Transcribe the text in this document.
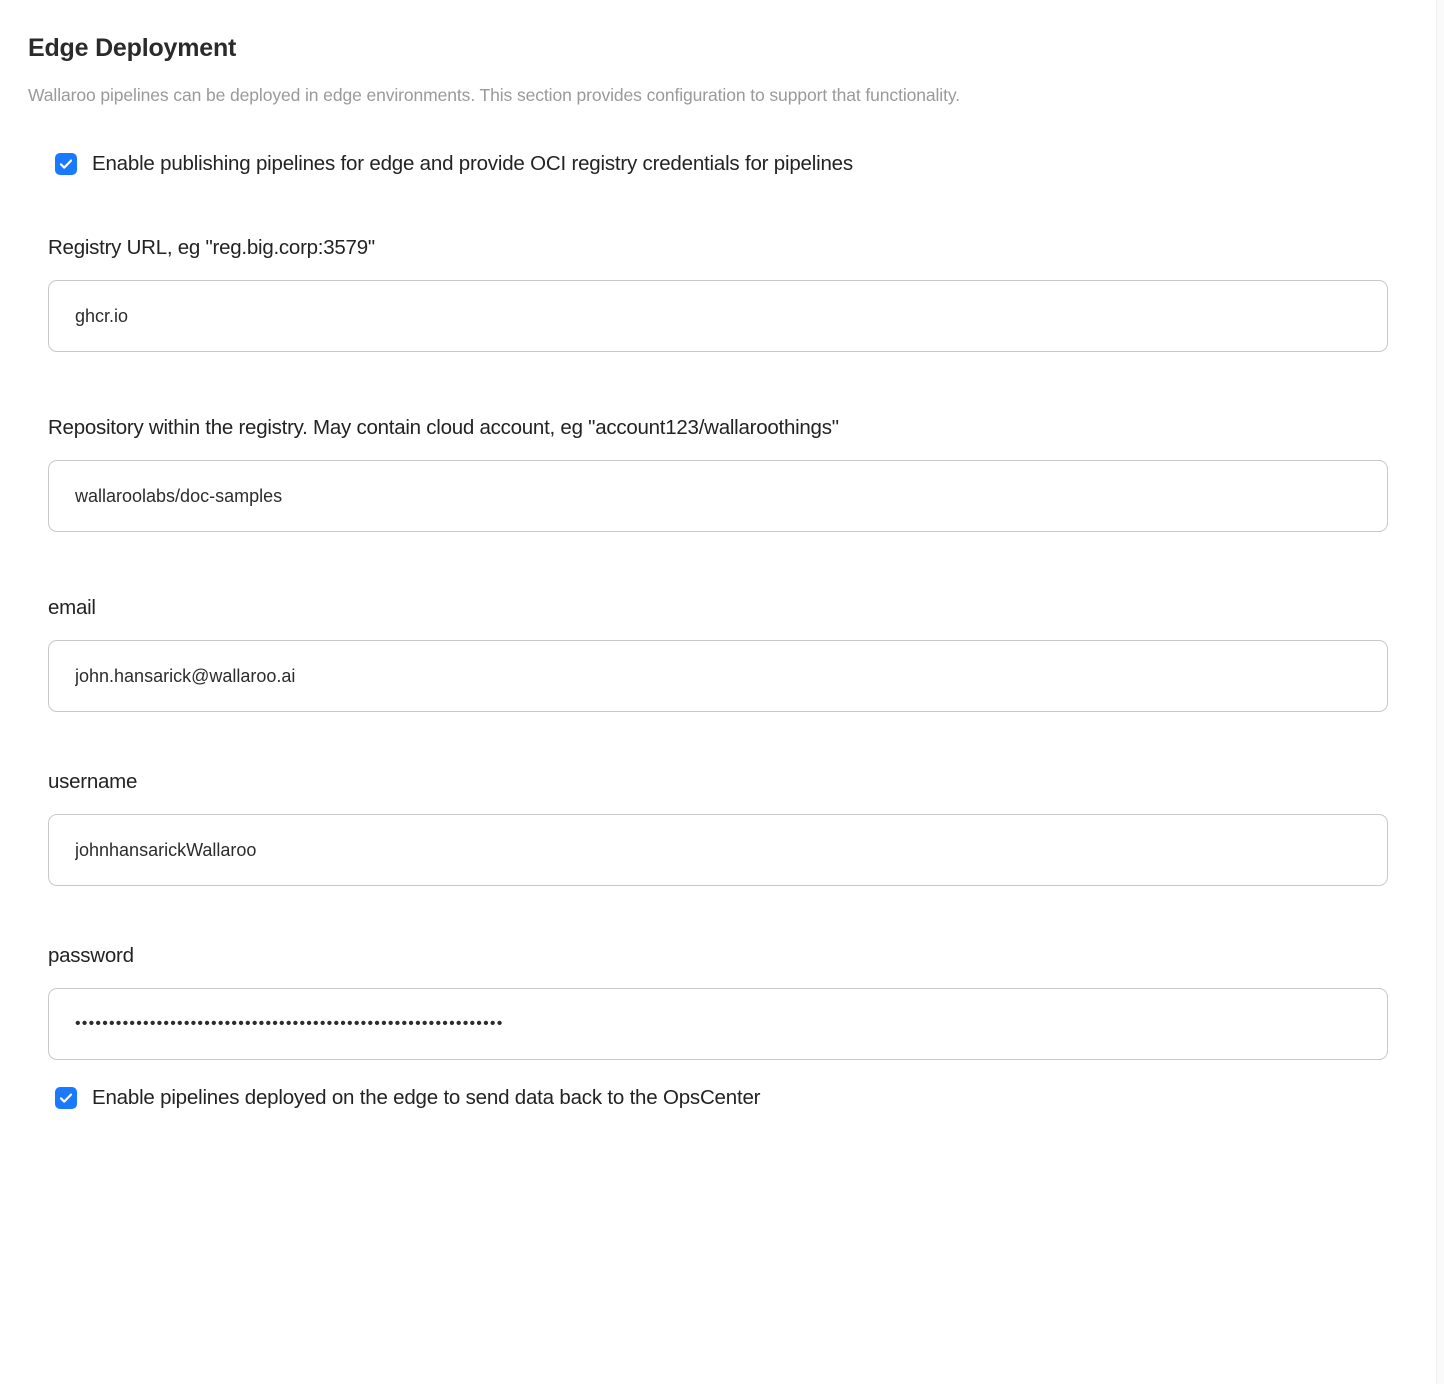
Edge Deployment

Wallaroo pipelines can be deployed in edge environments. This section provides configuration to support that functionality.

Enable publishing pipelines for edge and provide OCI registry credentials for pipelines
Registry URL, eg "reg.big.corp:3579"
ghcr.io
Repository within the registry. May contain cloud account, eg "account123/wallaroothings"
wallaroolabs/doc-samples
email
john.hansarick@wallaroo.ai
username
johnhansarickWallaroo
password
•••••••••••••••••••••••••••••••••••••••••••••••••••••••••••••••
Enable pipelines deployed on the edge to send data back to the OpsCenter
